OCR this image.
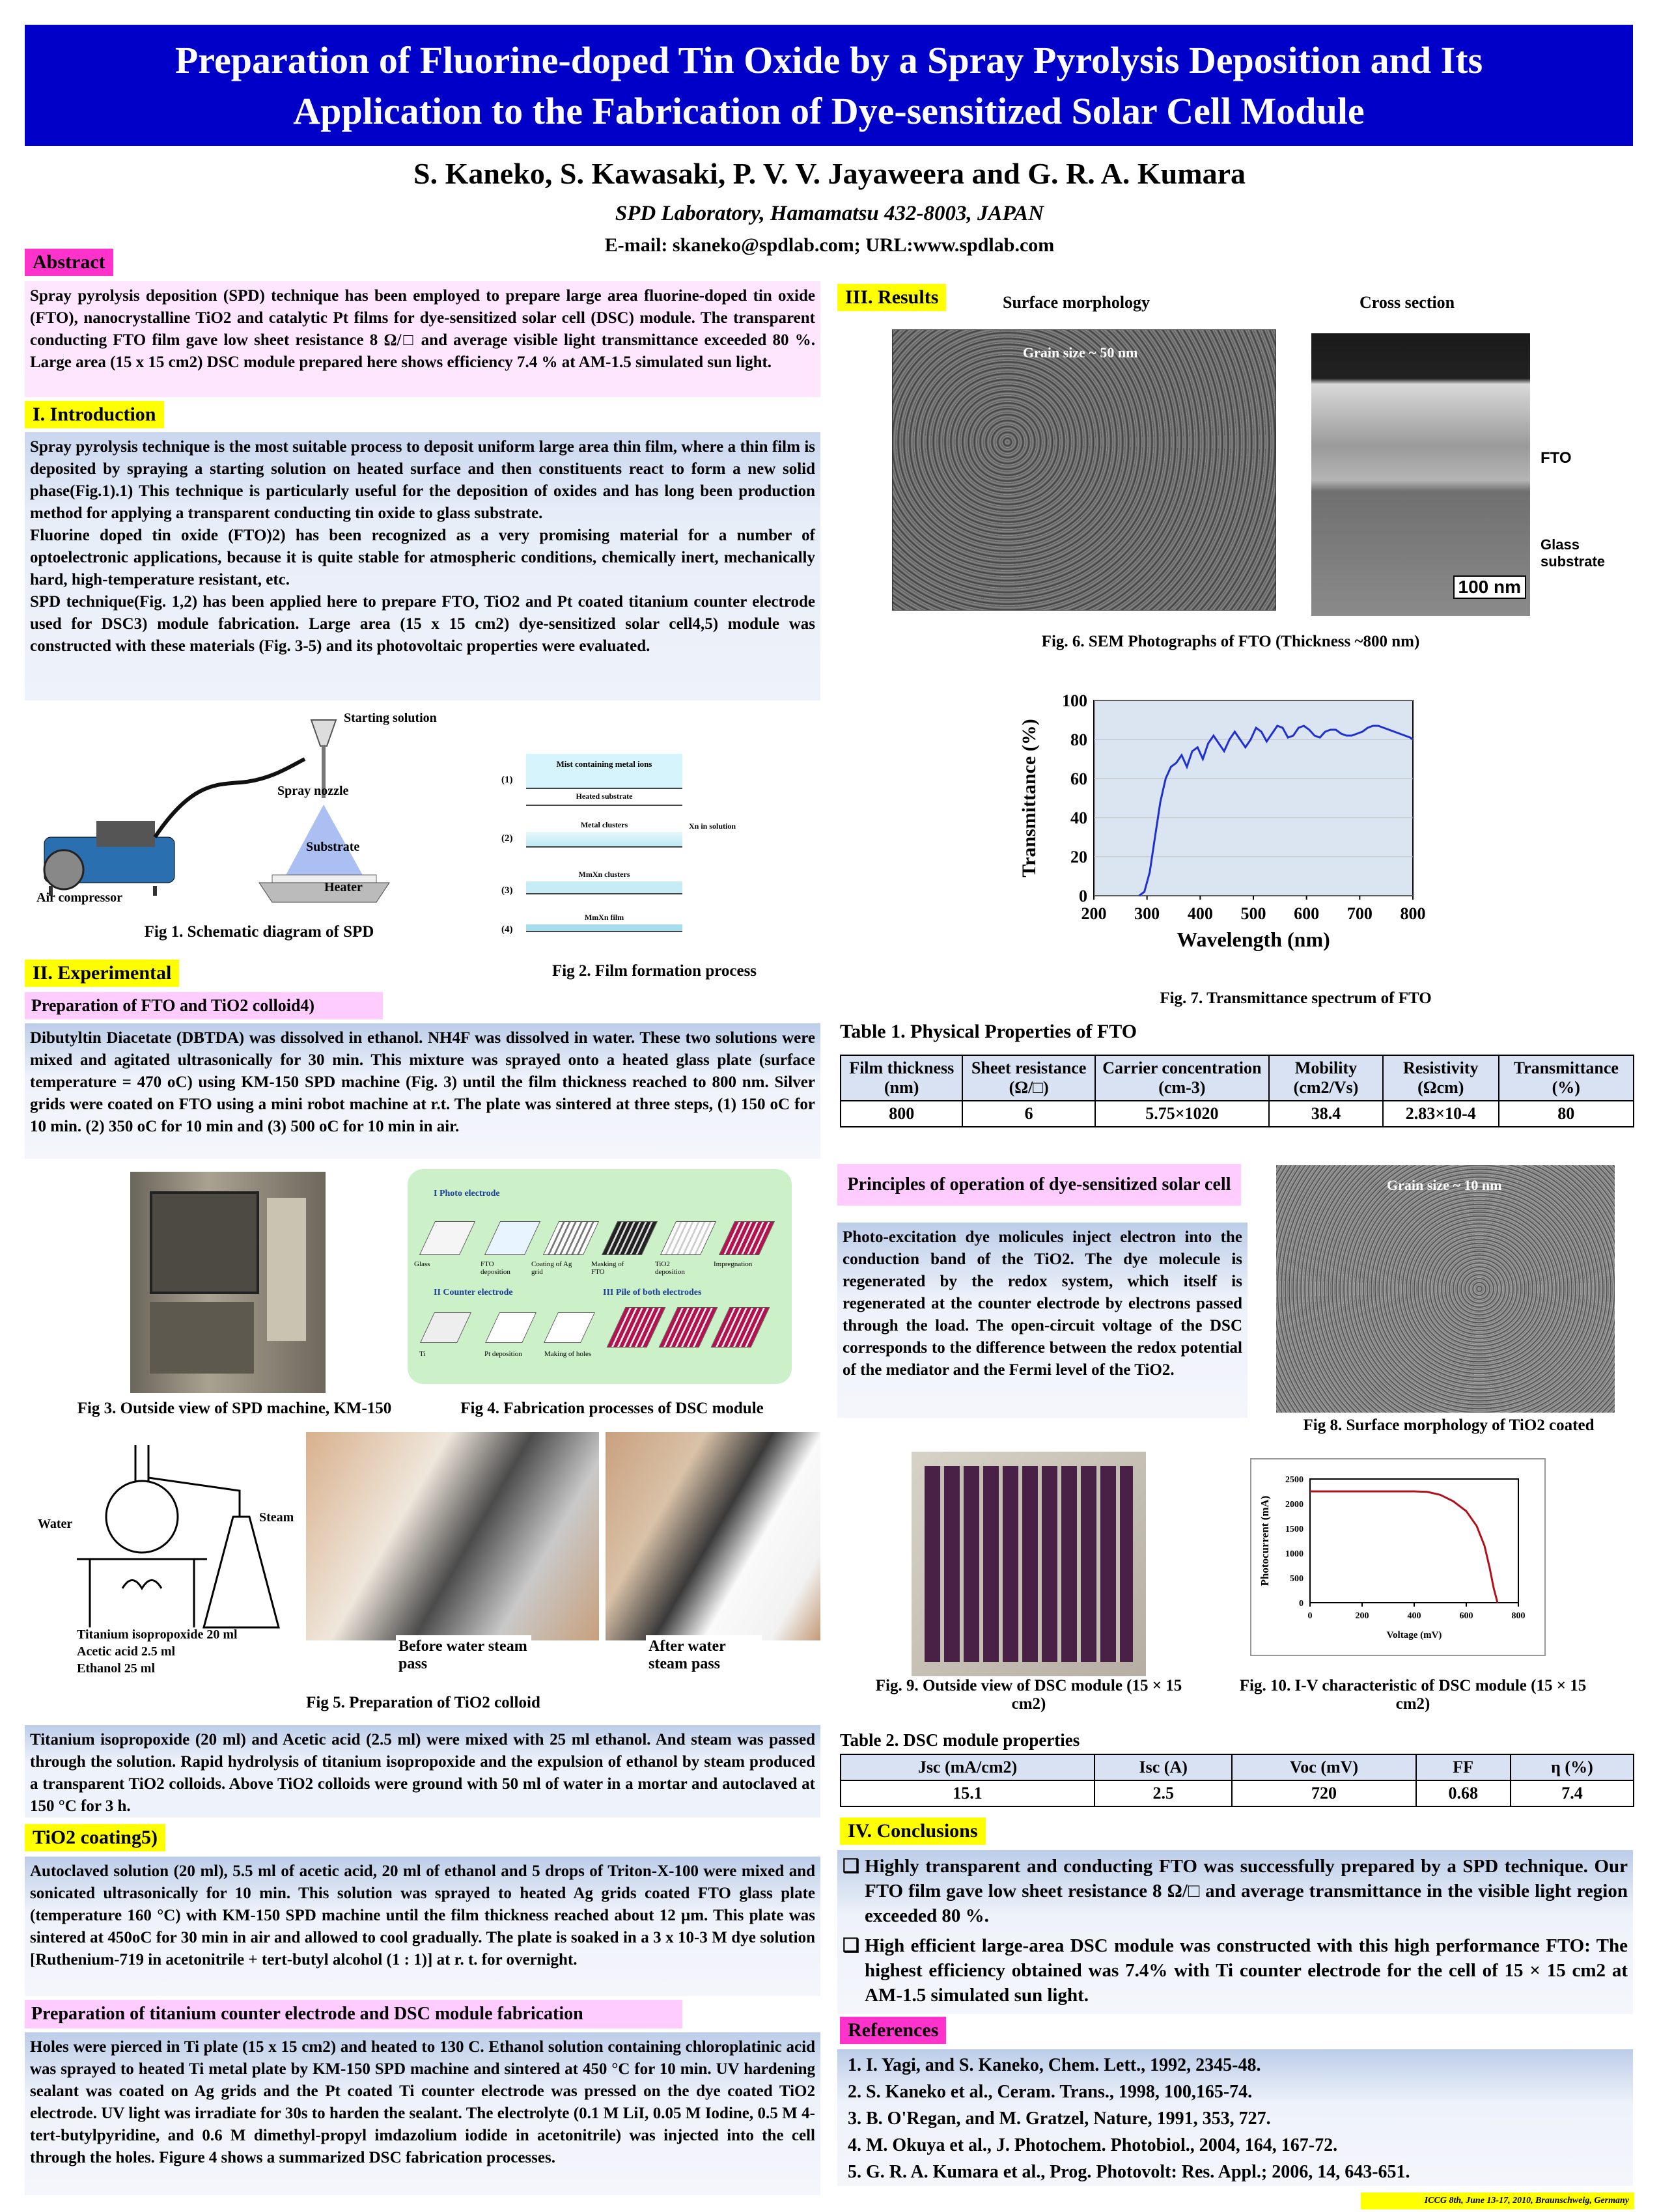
Preparation of Fluorine-doped Tin Oxide by a Spray Pyrolysis Deposition and Its
Application to the Fabrication of Dye-sensitized Solar Cell Module
S. Kaneko, S. Kawasaki, P. V. V. Jayaweera and G. R. A. Kumara
SPD Laboratory, Hamamatsu 432-8003, JAPAN
E-mail: skaneko@spdlab.com; URL:www.spdlab.com
Abstract
Spray pyrolysis deposition (SPD) technique has been employed to prepare large area fluorine-doped tin oxide (FTO), nanocrystalline TiO2 and catalytic Pt films for dye-sensitized solar cell (DSC) module. The transparent conducting FTO film gave low sheet resistance 8 Ω/□ and average visible light transmittance exceeded 80 %. Large area (15 x 15 cm2) DSC module prepared here shows efficiency 7.4 % at AM-1.5 simulated sun light.
I. Introduction
Spray pyrolysis technique is the most suitable process to deposit uniform large area thin film, where a thin film is deposited by spraying a starting solution on heated surface and then constituents react to form a new solid phase(Fig.1).1) This technique is particularly useful for the deposition of oxides and has long been production method for applying a transparent conducting tin oxide to glass substrate.
Fluorine doped tin oxide (FTO)2) has been recognized as a very promising material for a number of optoelectronic applications, because it is quite stable for atmospheric conditions, chemically inert, mechanically hard, high-temperature resistant, etc.
SPD technique(Fig. 1,2) has been applied here to prepare FTO, TiO2 and Pt coated titanium counter electrode used for DSC3) module fabrication. Large area (15 x 15 cm2) dye-sensitized solar cell4,5) module was constructed with these materials (Fig. 3-5) and its photovoltaic properties were evaluated.
Starting solution
Spray nozzle
Substrate
Heater
Air compressor
Fig 1. Schematic diagram of SPD
(1)
(2)
(3)
(4)
Mist containing metal ions
Heated substrate
Metal clusters	Xn in solution
MmXn clusters
MmXn film
Fig 2. Film formation process
II. Experimental
Preparation of FTO and TiO2 colloid4)
Dibutyltin Diacetate (DBTDA) was dissolved in ethanol. NH4F was dissolved in water. These two solutions were mixed and agitated ultrasonically for 30 min. This mixture was sprayed onto a heated glass plate (surface temperature = 470 oC) using KM-150 SPD machine (Fig. 3) until the film thickness reached to 800 nm. Silver grids were coated on FTO using a mini robot machine at r.t. The plate was sintered at three steps, (1) 150 oC for 10 min. (2) 350 oC for 10 min and (3) 500 oC for 10 min in air.
Fig 3. Outside view of SPD machine, KM-150
I Photo electrode
II Counter electrode	III Pile of both electrodes
Glass	FTO deposition
Coating of Ag grid
Masking of FTO
TiO2 deposition
Impregnation
Ti	Pt deposition	Making of holes
Fig 4. Fabrication processes of DSC module
Water	Steam
Titanium isopropoxide 20 ml
Acetic acid 2.5 ml
Ethanol 25 ml
Before water steam pass
After water steam pass
Fig 5. Preparation of TiO2 colloid
Titanium isopropoxide (20 ml) and Acetic acid (2.5 ml) were mixed with 25 ml ethanol. And steam was passed through the solution. Rapid hydrolysis of titanium isopropoxide and the expulsion of ethanol by steam produced a transparent TiO2 colloids. Above TiO2 colloids were ground with 50 ml of water in a mortar and autoclaved at 150 °C for 3 h.
TiO2 coating5)
Autoclaved solution (20 ml), 5.5 ml of acetic acid, 20 ml of ethanol and 5 drops of Triton-X-100 were mixed and sonicated ultrasonically for 10 min. This solution was sprayed to heated Ag grids coated FTO glass plate (temperature 160 °C) with KM-150 SPD machine until the film thickness reached about 12 μm. This plate was sintered at 450oC for 30 min in air and allowed to cool gradually. The plate is soaked in a 3 x 10-3 M dye solution [Ruthenium-719 in acetonitrile + tert-butyl alcohol (1 : 1)] at r. t. for overnight.
Preparation of titanium counter electrode and DSC module fabrication
Holes were pierced in Ti plate (15 x 15 cm2) and heated to 130 C. Ethanol solution containing chloroplatinic acid was sprayed to heated Ti metal plate by KM-150 SPD machine and sintered at 450 °C for 10 min. UV hardening sealant was coated on Ag grids and the Pt coated Ti counter electrode was pressed on the dye coated TiO2 electrode. UV light was irradiate for 30s to harden the sealant. The electrolyte (0.1 M LiI, 0.05 M Iodine, 0.5 M 4-tert-butylpyridine, and 0.6 M dimethyl-propyl imdazolium iodide in acetonitrile) was injected into the cell through the holes. Figure 4 shows a summarized DSC fabrication processes.
III. Results	Surface morphology	Cross section
Grain size ~ 50 nm
100 nm
FTO
Glass substrate
Fig. 6. SEM Photographs of FTO (Thickness ~800 nm)
0
20
40
60
80
100
200 300 400 500 600 700 800
Wavelength (nm)
Transmittance (%)
Fig. 7. Transmittance spectrum of FTO
Table 1. Physical Properties of FTO
Film thickness (nm)	Sheet resistance (Ω/□)	Carrier concentration (cm-3)	Mobility (cm2/Vs)	Resistivity (Ωcm)	Transmittance (%)
800	6	5.75×1020	38.4	2.83×10-4	80
Principles of operation of dye-sensitized solar cell
Photo-excitation dye molicules inject electron into the conduction band of the TiO2. The dye molecule is regenerated by the redox system, which itself is regenerated at the counter electrode by electrons passed through the load. The open-circuit voltage of the DSC corresponds to the difference between the redox potential of the mediator and the Fermi level of the TiO2.
Grain size ~ 10 nm
Fig 8. Surface morphology of TiO2 coated
Fig. 9. Outside view of DSC module (15 × 15 cm2)
0
500
1000
1500
2000
2500
0	200	400	600	800
Voltage (mV)
Photocurrent (mA)
Fig. 10. I-V characteristic of DSC module (15 × 15 cm2)
Table 2. DSC module properties
Jsc (mA/cm2)	Isc (A)	Voc (mV)	FF	η (%)
15.1	2.5	720	0.68	7.4
IV. Conclusions
❑ Highly transparent and conducting FTO was successfully prepared by a SPD technique. Our FTO film gave low sheet resistance 8 Ω/□ and average transmittance in the visible light region exceeded 80 %.
❑ High efficient large-area DSC module was constructed with this high performance FTO: The highest efficiency obtained was 7.4% with Ti counter electrode for the cell of 15 × 15 cm2 at AM-1.5 simulated sun light.
References
1. I. Yagi, and S. Kaneko, Chem. Lett., 1992, 2345-48.
2. S. Kaneko et al., Ceram. Trans., 1998, 100,165-74.
3. B. O'Regan, and M. Gratzel, Nature, 1991, 353, 727.
4. M. Okuya et al., J. Photochem. Photobiol., 2004, 164, 167-72.
5. G. R. A. Kumara et al., Prog. Photovolt: Res. Appl.; 2006, 14, 643-651.
ICCG 8th, June 13-17, 2010, Braunschweig, Germany
